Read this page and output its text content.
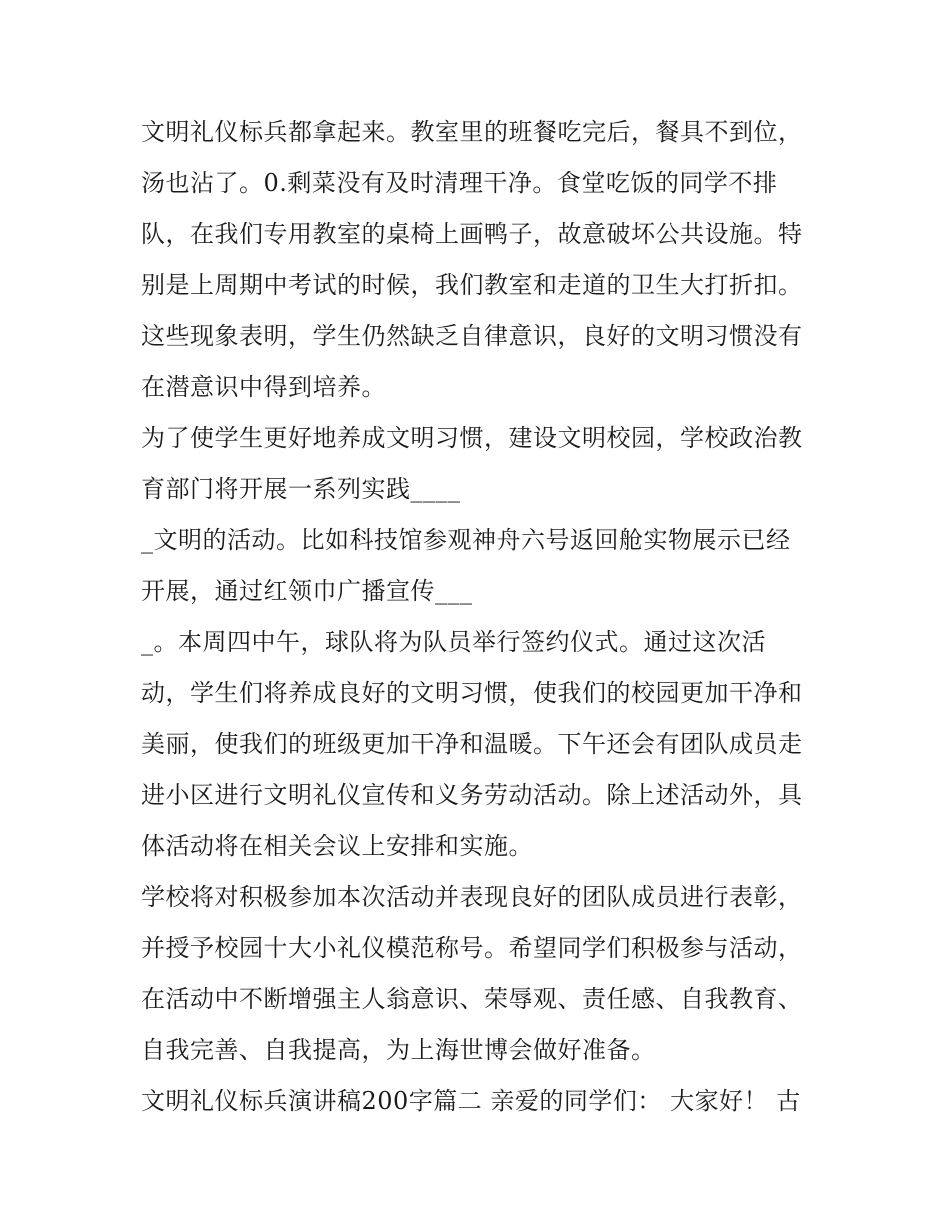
文明礼仪标兵都拿起来。教室里的班餐吃完后，餐具不到位，
汤也沾了。0.剩菜没有及时清理干净。食堂吃饭的同学不排
队，在我们专用教室的桌椅上画鸭子，故意破坏公共设施。特
别是上周期中考试的时候，我们教室和走道的卫生大打折扣。
这些现象表明，学生仍然缺乏自律意识，良好的文明习惯没有
在潜意识中得到培养。
为了使学生更好地养成文明习惯，建设文明校园，学校政治教
育部门将开展一系列实践____
_文明的活动。比如科技馆参观神舟六号返回舱实物展示已经
开展，通过红领巾广播宣传___
_。本周四中午，球队将为队员举行签约仪式。通过这次活
动，学生们将养成良好的文明习惯，使我们的校园更加干净和
美丽，使我们的班级更加干净和温暖。下午还会有团队成员走
进小区进行文明礼仪宣传和义务劳动活动。除上述活动外，具
体活动将在相关会议上安排和实施。
学校将对积极参加本次活动并表现良好的团队成员进行表彰，
并授予校园十大小礼仪模范称号。希望同学们积极参与活动，
在活动中不断增强主人翁意识、荣辱观、责任感、自我教育、
自我完善、自我提高，为上海世博会做好准备。
文明礼仪标兵演讲稿200字篇二 亲爱的同学们： 大家好！ 古
